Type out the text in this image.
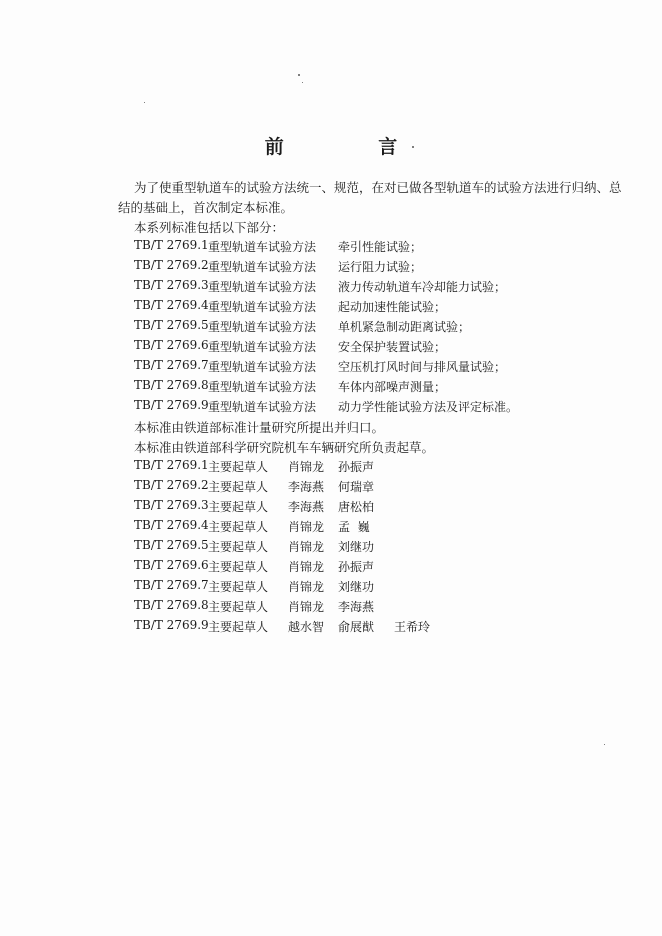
前 言
为了使重型轨道车的试验方法统一、规范，在对已做各型轨道车的试验方法进行归纳、总
结的基础上，首次制定本标准。
本系列标准包括以下部分：
TB/T 2769.1 重型轨道车试验方法	牵引性能试验；
TB/T 2769.2 重型轨道车试验方法	运行阻力试验；
TB/T 2769.3 重型轨道车试验方法	液力传动轨道车冷却能力试验；
TB/T 2769.4 重型轨道车试验方法	起动加速性能试验；
TB/T 2769.5 重型轨道车试验方法	单机紧急制动距离试验；
TB/T 2769.6 重型轨道车试验方法	安全保护装置试验；
TB/T 2769.7 重型轨道车试验方法	空压机打风时间与排风量试验；
TB/T 2769.8 重型轨道车试验方法	车体内部噪声测量；
TB/T 2769.9 重型轨道车试验方法	动力学性能试验方法及评定标准。
本标准由铁道部标准计量研究所提出并归口。
本标准由铁道部科学研究院机车车辆研究所负责起草。
TB/T 2769.1 主要起草人	肖锦龙	孙振声
TB/T 2769.2 主要起草人	李海燕	何瑞章
TB/T 2769.3 主要起草人	李海燕	唐松柏
TB/T 2769.4 主要起草人	肖锦龙	孟  巍
TB/T 2769.5 主要起草人	肖锦龙	刘继功
TB/T 2769.6 主要起草人	肖锦龙	孙振声
TB/T 2769.7 主要起草人	肖锦龙	刘继功
TB/T 2769.8 主要起草人	肖锦龙	李海燕
TB/T 2769.9 主要起草人	越水智	俞展猷	王希玲
